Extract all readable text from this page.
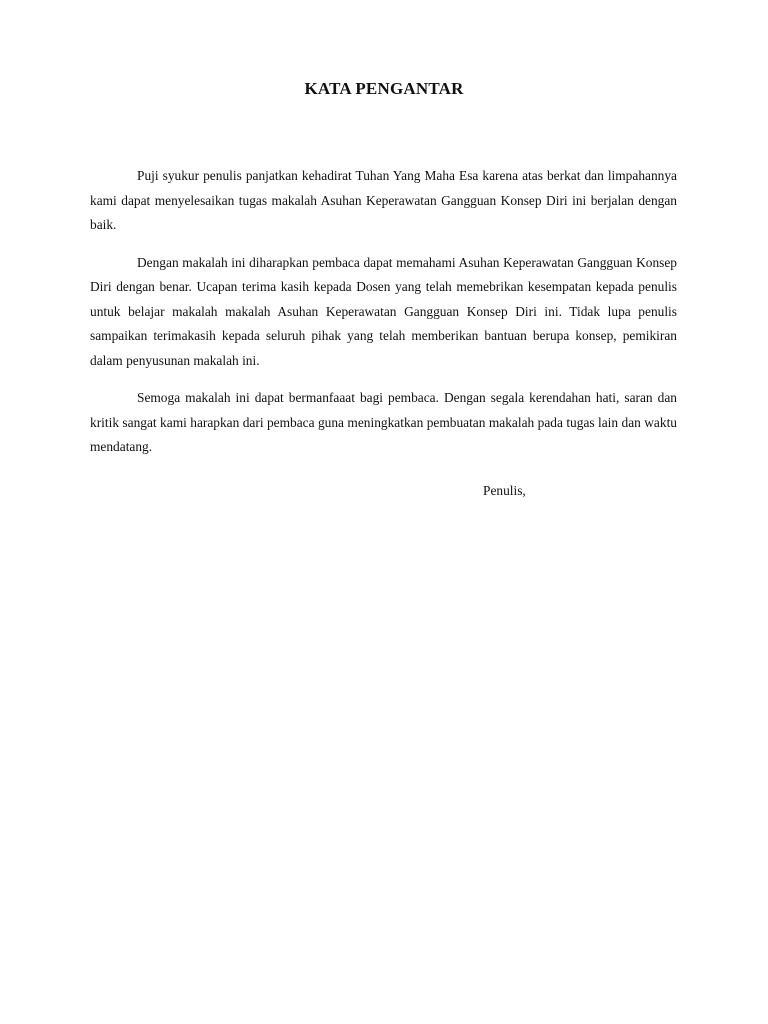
KATA PENGANTAR

Puji syukur penulis panjatkan kehadirat Tuhan Yang Maha Esa karena atas berkat dan limpahannya kami dapat menyelesaikan tugas makalah Asuhan Keperawatan Gangguan Konsep Diri ini berjalan dengan baik.

Dengan makalah ini diharapkan pembaca dapat memahami Asuhan Keperawatan Gangguan Konsep Diri dengan benar. Ucapan terima kasih kepada Dosen yang telah memebrikan kesempatan kepada penulis untuk belajar makalah makalah Asuhan Keperawatan Gangguan Konsep Diri ini. Tidak lupa penulis sampaikan terimakasih kepada seluruh pihak yang telah memberikan bantuan berupa konsep, pemikiran dalam penyusunan makalah ini.

Semoga makalah ini dapat bermanfaaat bagi pembaca. Dengan segala kerendahan hati, saran dan kritik sangat kami harapkan dari pembaca guna meningkatkan pembuatan makalah pada tugas lain dan waktu mendatang.

Penulis,
